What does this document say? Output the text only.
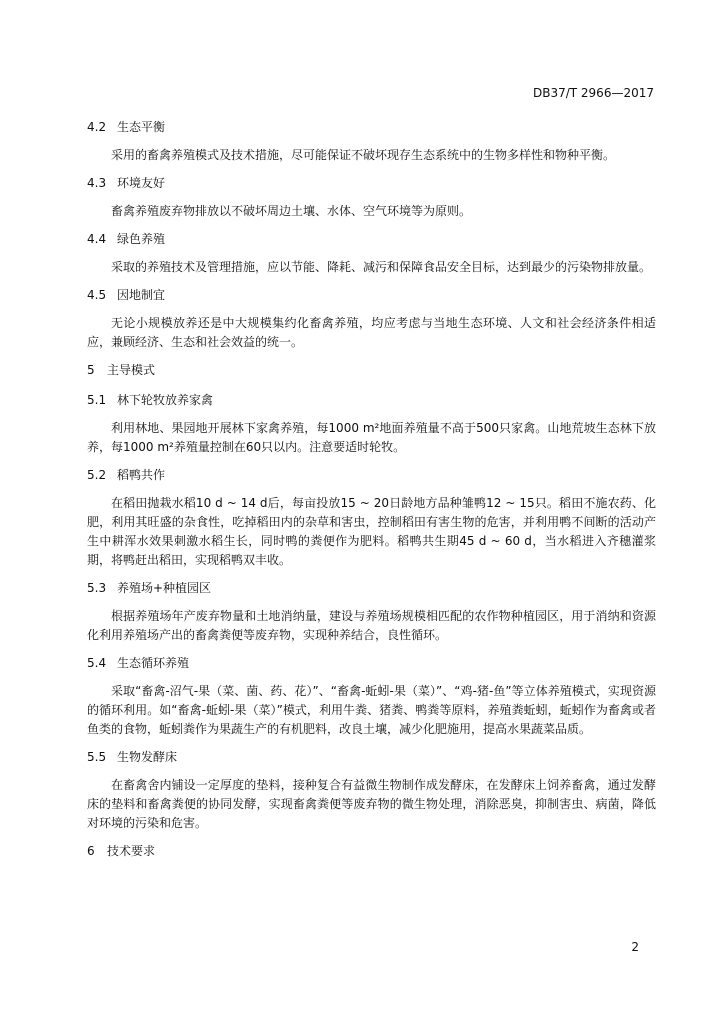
DB37/T 2966—2017
4.2 生态平衡
采用的畜禽养殖模式及技术措施，尽可能保证不破坏现存生态系统中的生物多样性和物种平衡。
4.3 环境友好
畜禽养殖废弃物排放以不破坏周边土壤、水体、空气环境等为原则。
4.4 绿色养殖
采取的养殖技术及管理措施，应以节能、降耗、减污和保障食品安全目标，达到最少的污染物排放量。
4.5 因地制宜
无论小规模放养还是中大规模集约化畜禽养殖，均应考虑与当地生态环境、人文和社会经济条件相适应，兼顾经济、生态和社会效益的统一。
5 主导模式
5.1 林下轮牧放养家禽
利用林地、果园地开展林下家禽养殖，每1000 m²地面养殖量不高于500只家禽。山地荒坡生态林下放养，每1000 m²养殖量控制在60只以内。注意要适时轮牧。
5.2 稻鸭共作
在稻田抛栽水稻10 d ~ 14 d后，每亩投放15 ~ 20日龄地方品种雏鸭12 ~ 15只。稻田不施农药、化肥，利用其旺盛的杂食性，吃掉稻田内的杂草和害虫，控制稻田有害生物的危害，并利用鸭不间断的活动产生中耕浑水效果刺激水稻生长，同时鸭的粪便作为肥料。稻鸭共生期45 d ~ 60 d，当水稻进入齐穗灌浆期，将鸭赶出稻田，实现稻鸭双丰收。
5.3 养殖场+种植园区
根据养殖场年产废弃物量和土地消纳量，建设与养殖场规模相匹配的农作物种植园区，用于消纳和资源化利用养殖场产出的畜禽粪便等废弃物，实现种养结合，良性循环。
5.4 生态循环养殖
采取“畜禽-沼气-果（菜、菌、药、花）”、“畜禽-蚯蚓-果（菜）”、“鸡-猪-鱼”等立体养殖模式，实现资源的循环利用。如“畜禽-蚯蚓-果（菜）”模式，利用牛粪、猪粪、鸭粪等原料，养殖粪蚯蚓，蚯蚓作为畜禽或者鱼类的食物，蚯蚓粪作为果蔬生产的有机肥料，改良土壤，减少化肥施用，提高水果蔬菜品质。
5.5 生物发酵床
在畜禽舍内铺设一定厚度的垫料，接种复合有益微生物制作成发酵床，在发酵床上饲养畜禽，通过发酵床的垫料和畜禽粪便的协同发酵，实现畜禽粪便等废弃物的微生物处理，消除恶臭，抑制害虫、病菌，降低对环境的污染和危害。
6 技术要求
2
